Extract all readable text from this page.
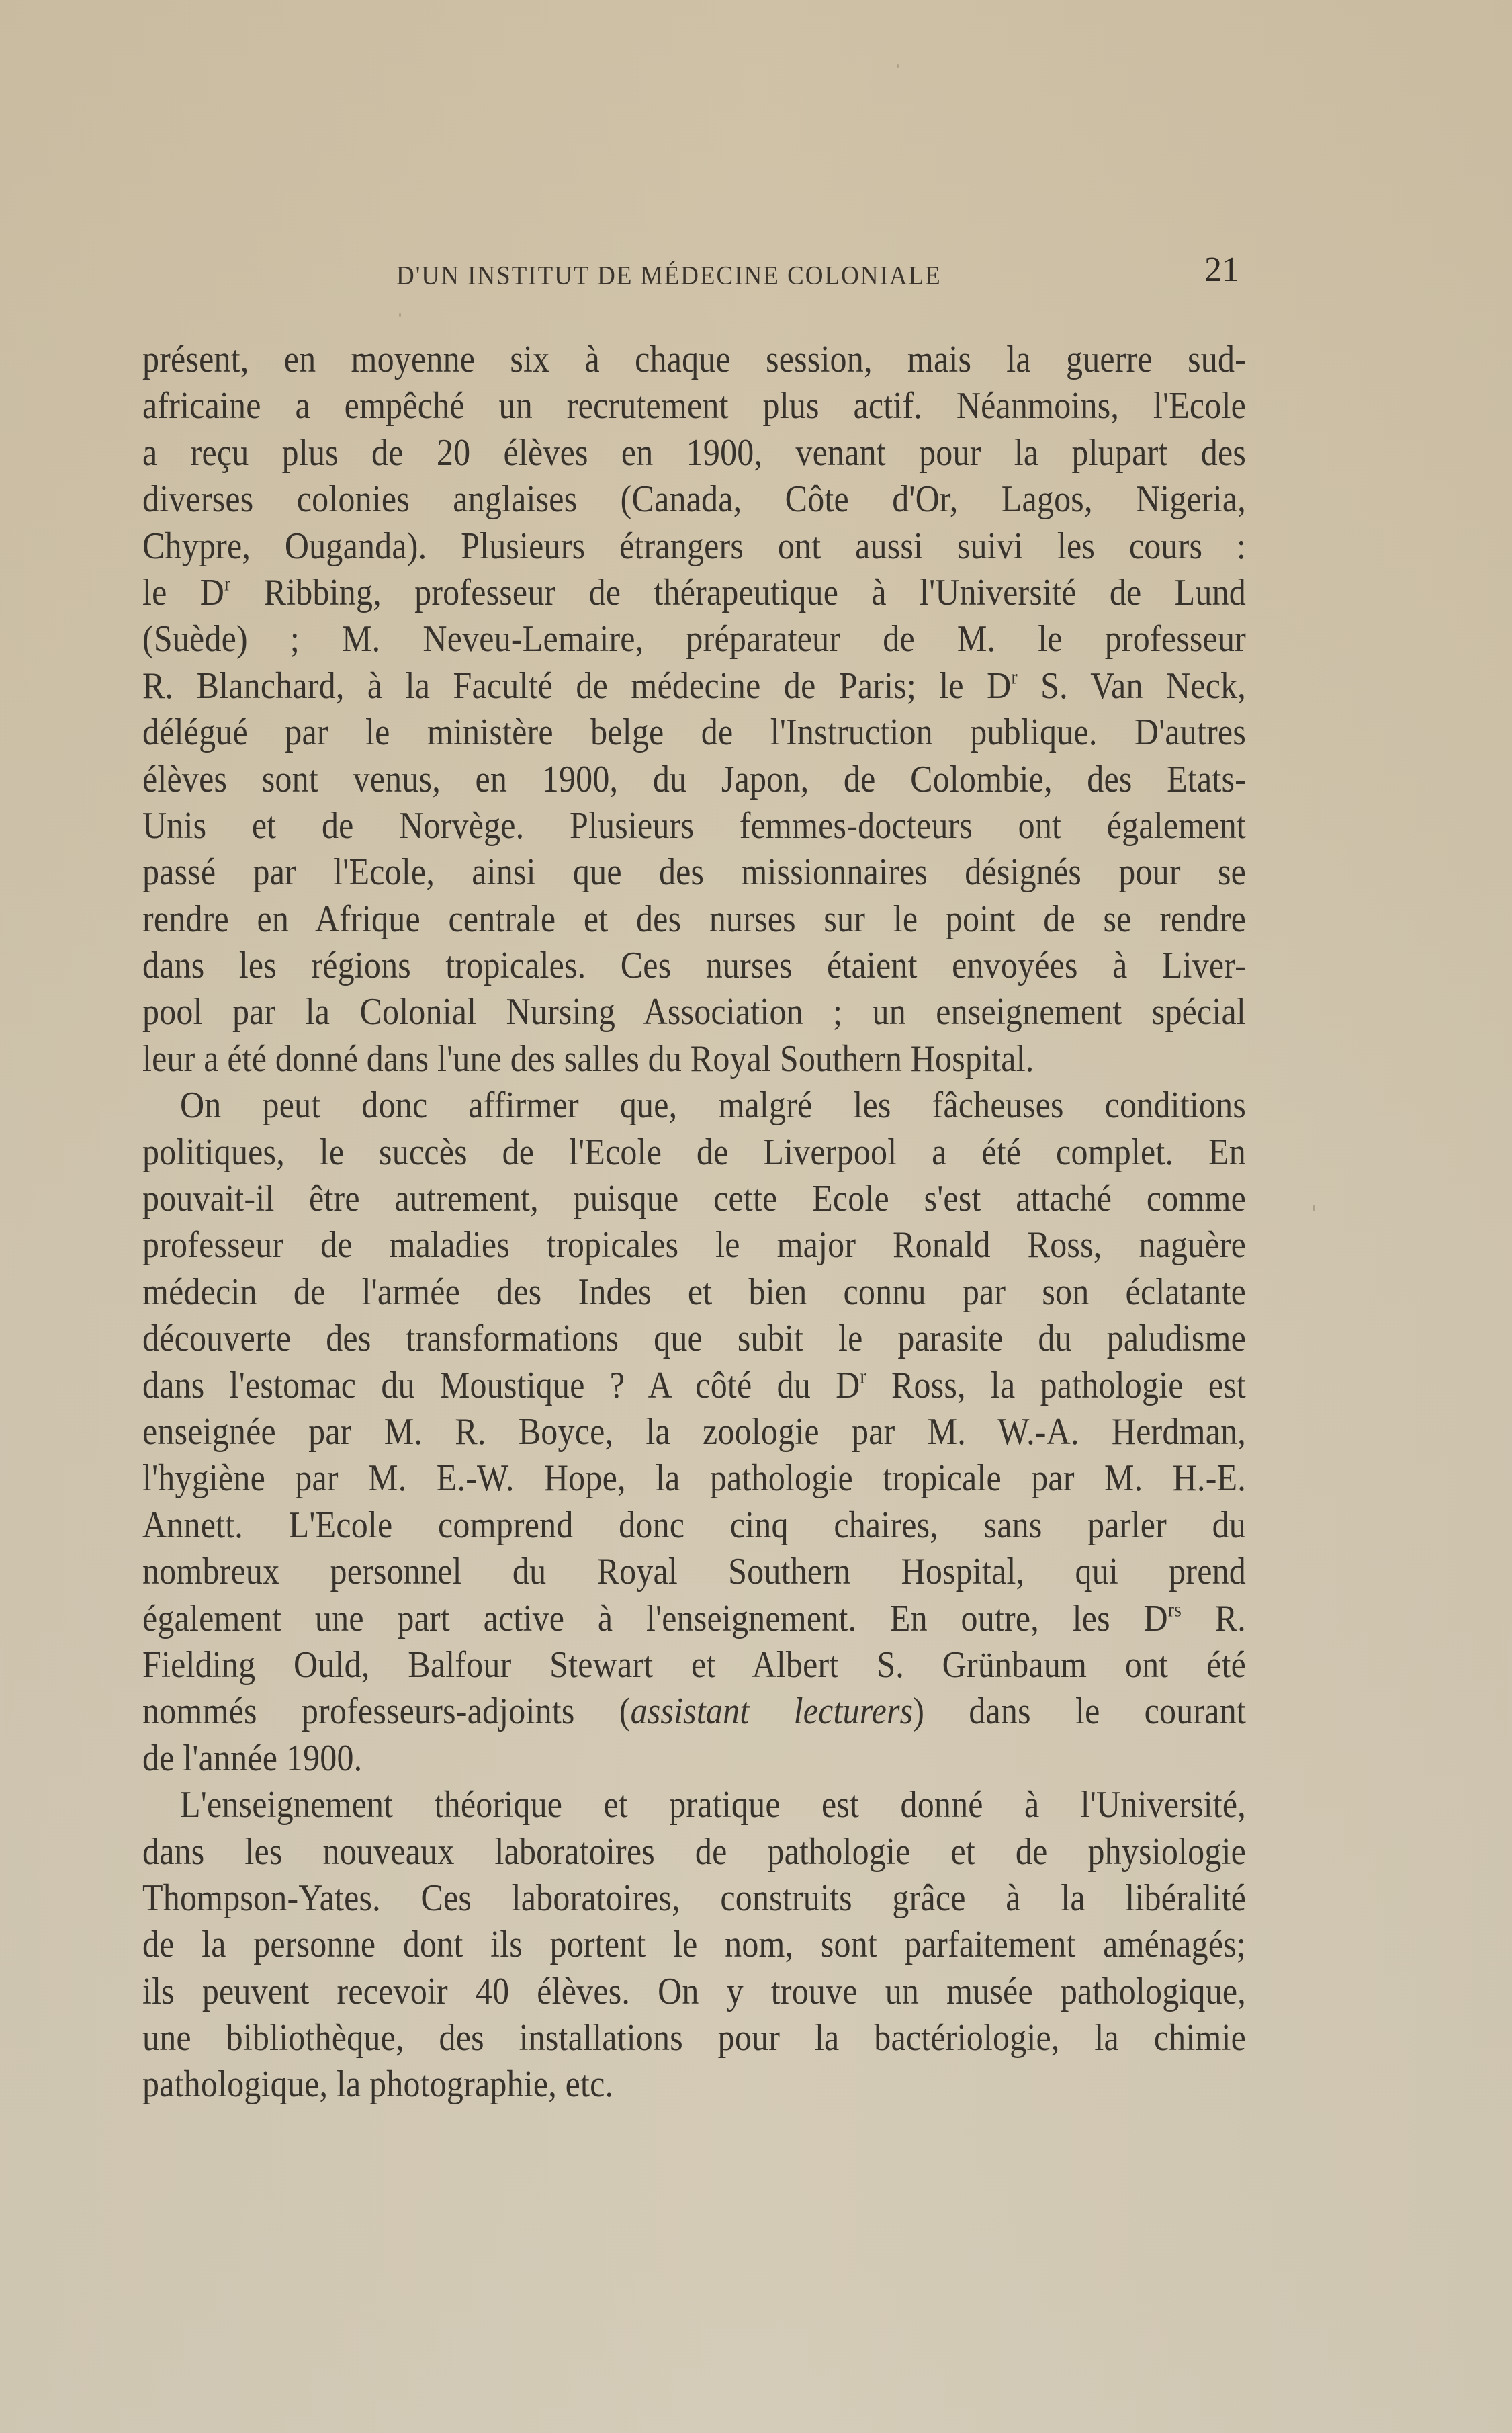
D'UN INSTITUT DE MÉDECINE COLONIALE	21
présent, en moyenne six à chaque session, mais la guerre sud-
africaine a empêché un recrutement plus actif. Néanmoins, l'Ecole
a reçu plus de 20 élèves en 1900, venant pour la plupart des
diverses colonies anglaises (Canada, Côte d'Or, Lagos, Nigeria,
Chypre, Ouganda). Plusieurs étrangers ont aussi suivi les cours :
le $D^r$ Ribbing, professeur de thérapeutique à l'Université de Lund
(Suède) ; M. Neveu-Lemaire, préparateur de M. le professeur
R. Blanchard, à la Faculté de médecine de Paris; le $D^r$ S. Van Neck,
délégué par le ministère belge de l'Instruction publique. D'autres
élèves sont venus, en 1900, du Japon, de Colombie, des Etats-
Unis et de Norvège. Plusieurs femmes-docteurs ont également
passé par l'Ecole, ainsi que des missionnaires désignés pour se
rendre en Afrique centrale et des nurses sur le point de se rendre
dans les régions tropicales. Ces nurses étaient envoyées à Liver-
pool par la Colonial Nursing Association ; un enseignement spécial
leur a été donné dans l'une des salles du Royal Southern Hospital.
On peut donc affirmer que, malgré les fâcheuses conditions
politiques, le succès de l'Ecole de Liverpool a été complet. En
pouvait-il être autrement, puisque cette Ecole s'est attaché comme
professeur de maladies tropicales le major Ronald Ross, naguère
médecin de l'armée des Indes et bien connu par son éclatante
découverte des transformations que subit le parasite du paludisme
dans l'estomac du Moustique ? A côté du $D^r$ Ross, la pathologie est
enseignée par M. R. Boyce, la zoologie par M. W.-A. Herdman,
l'hygiène par M. E.-W. Hope, la pathologie tropicale par M. H.-E.
Annett. L'Ecole comprend donc cinq chaires, sans parler du
nombreux personnel du Royal Southern Hospital, qui prend
également une part active à l'enseignement. En outre, les $D^{rs}$ R.
Fielding Ould, Balfour Stewart et Albert S. Grünbaum ont été
nommés professeurs-adjoints (assistant lecturers) dans le courant
de l'année 1900.
L'enseignement théorique et pratique est donné à l'Université,
dans les nouveaux laboratoires de pathologie et de physiologie
Thompson-Yates. Ces laboratoires, construits grâce à la libéralité
de la personne dont ils portent le nom, sont parfaitement aménagés;
ils peuvent recevoir 40 élèves. On y trouve un musée pathologique,
une bibliothèque, des installations pour la bactériologie, la chimie
pathologique, la photographie, etc.
